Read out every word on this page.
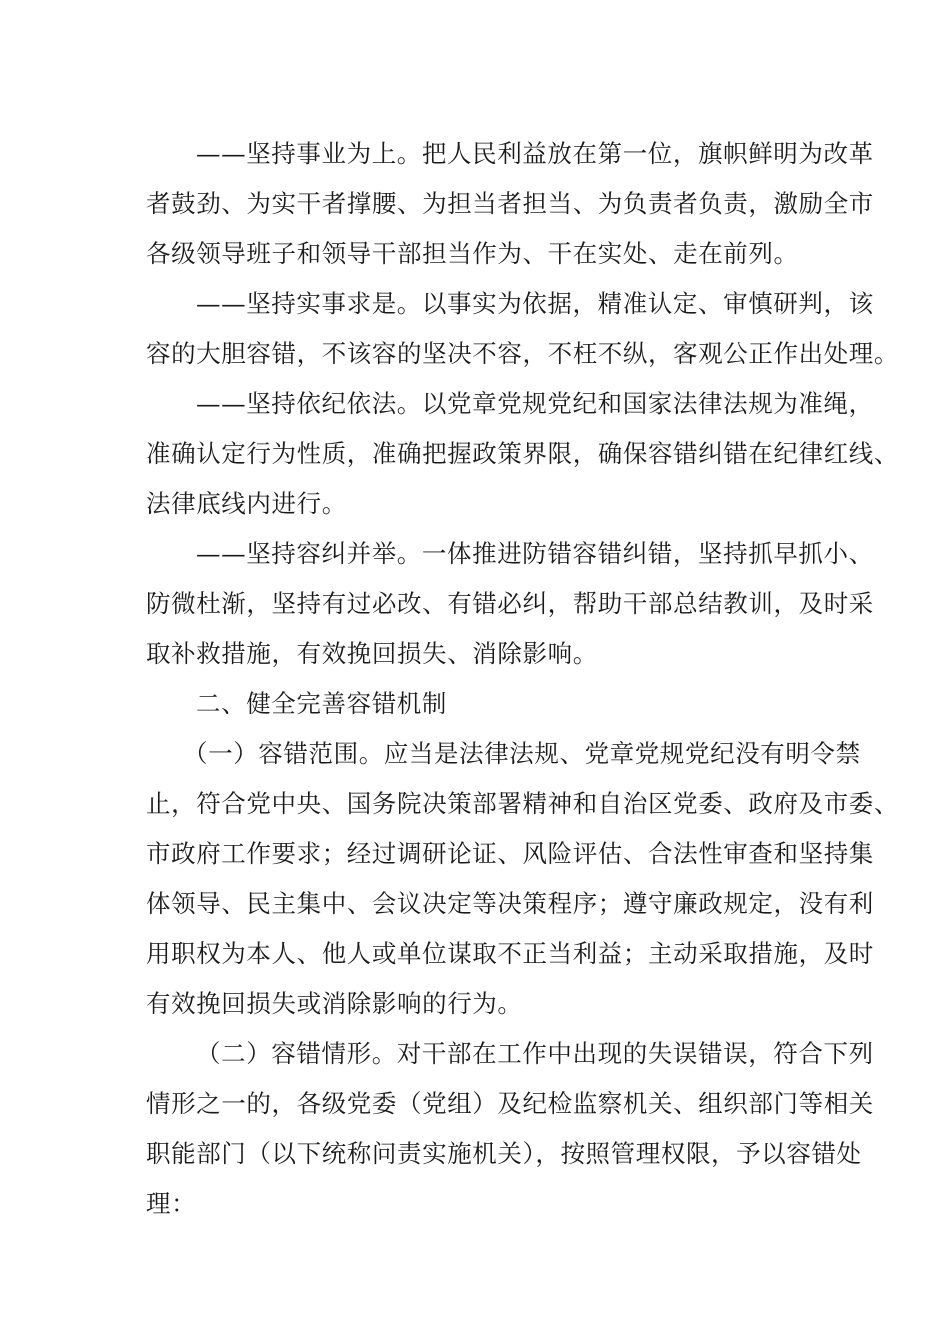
——坚持事业为上。把人民利益放在第一位，旗帜鲜明为改革
者鼓劲、为实干者撑腰、为担当者担当、为负责者负责，激励全市
各级领导班子和领导干部担当作为、干在实处、走在前列。
——坚持实事求是。以事实为依据，精准认定、审慎研判，该
容的大胆容错，不该容的坚决不容，不枉不纵，客观公正作出处理。
——坚持依纪依法。以党章党规党纪和国家法律法规为准绳，
准确认定行为性质，准确把握政策界限，确保容错纠错在纪律红线、
法律底线内进行。
——坚持容纠并举。一体推进防错容错纠错，坚持抓早抓小、
防微杜渐，坚持有过必改、有错必纠，帮助干部总结教训，及时采
取补救措施，有效挽回损失、消除影响。
二、健全完善容错机制
（一）容错范围。应当是法律法规、党章党规党纪没有明令禁
止，符合党中央、国务院决策部署精神和自治区党委、政府及市委、
市政府工作要求；经过调研论证、风险评估、合法性审查和坚持集
体领导、民主集中、会议决定等决策程序；遵守廉政规定，没有利
用职权为本人、他人或单位谋取不正当利益；主动采取措施，及时
有效挽回损失或消除影响的行为。
（二）容错情形。对干部在工作中出现的失误错误，符合下列
情形之一的，各级党委（党组）及纪检监察机关、组织部门等相关
职能部门（以下统称问责实施机关），按照管理权限，予以容错处
理：
